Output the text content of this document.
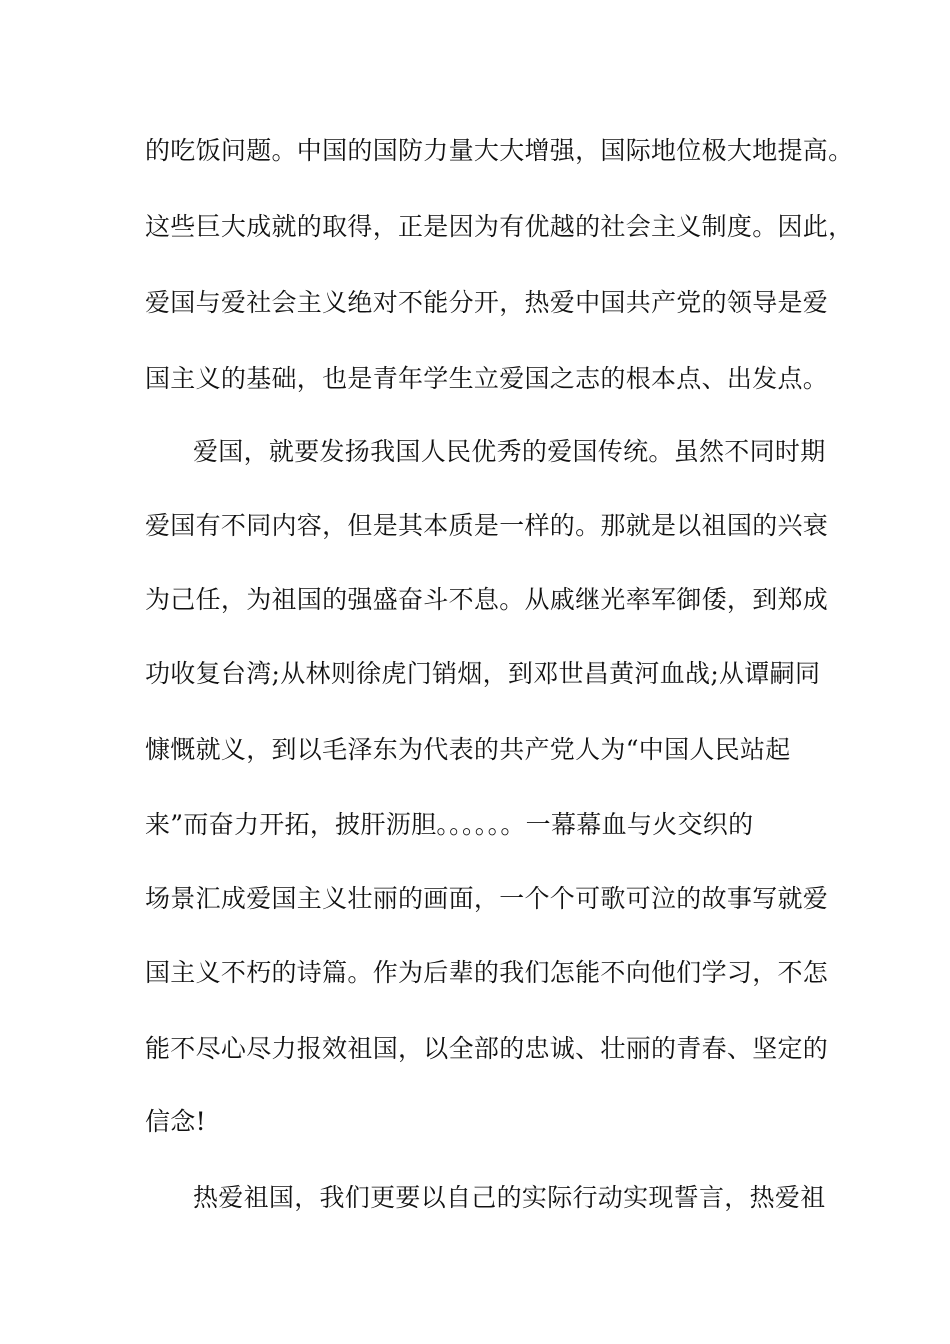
的吃饭问题。中国的国防力量大大增强，国际地位极大地提高。
这些巨大成就的取得，正是因为有优越的社会主义制度。因此，
爱国与爱社会主义绝对不能分开，热爱中国共产党的领导是爱
国主义的基础，也是青年学生立爱国之志的根本点、出发点。
爱国，就要发扬我国人民优秀的爱国传统。虽然不同时期
爱国有不同内容，但是其本质是一样的。那就是以祖国的兴衰
为己任，为祖国的强盛奋斗不息。从戚继光率军御倭，到郑成
功收复台湾;从林则徐虎门销烟，到邓世昌黄河血战;从谭嗣同
慷慨就义，到以毛泽东为代表的共产党人为“中国人民站起
来”而奋力开拓，披肝沥胆。。。。。。一幕幕血与火交织的
场景汇成爱国主义壮丽的画面，一个个可歌可泣的故事写就爱
国主义不朽的诗篇。作为后辈的我们怎能不向他们学习，不怎
能不尽心尽力报效祖国，以全部的忠诚、壮丽的青春、坚定的
信念!
热爱祖国，我们更要以自己的实际行动实现誓言，热爱祖
